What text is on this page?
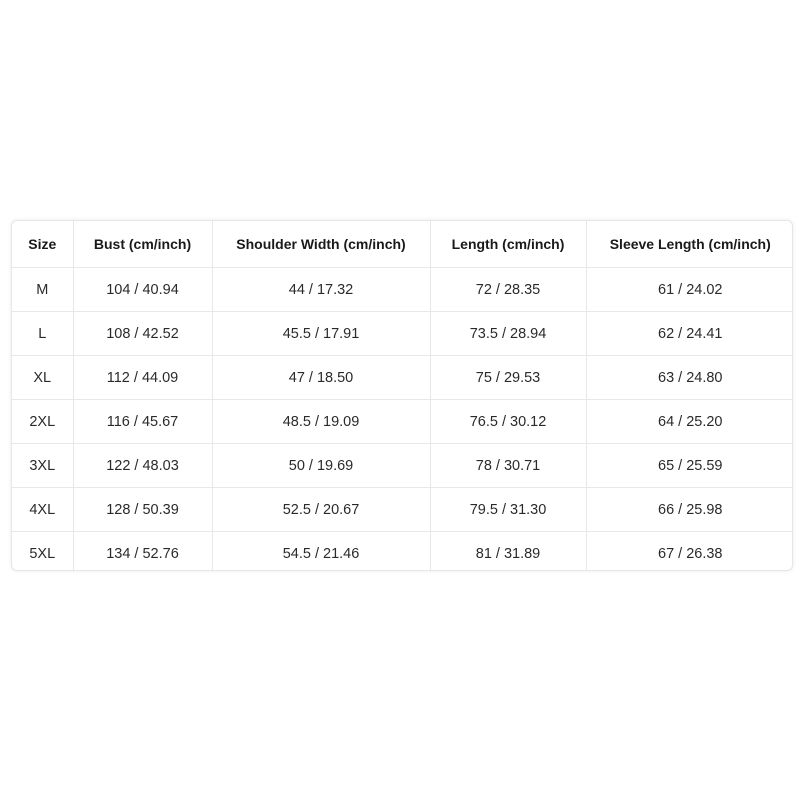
Size	Bust (cm/inch)	Shoulder Width (cm/inch)	Length (cm/inch)	Sleeve Length (cm/inch)
M	104 / 40.94	44 / 17.32	72 / 28.35	61 / 24.02
L	108 / 42.52	45.5 / 17.91	73.5 / 28.94	62 / 24.41
XL	112 / 44.09	47 / 18.50	75 / 29.53	63 / 24.80
2XL	116 / 45.67	48.5 / 19.09	76.5 / 30.12	64 / 25.20
3XL	122 / 48.03	50 / 19.69	78 / 30.71	65 / 25.59
4XL	128 / 50.39	52.5 / 20.67	79.5 / 31.30	66 / 25.98
5XL	134 / 52.76	54.5 / 21.46	81 / 31.89	67 / 26.38
